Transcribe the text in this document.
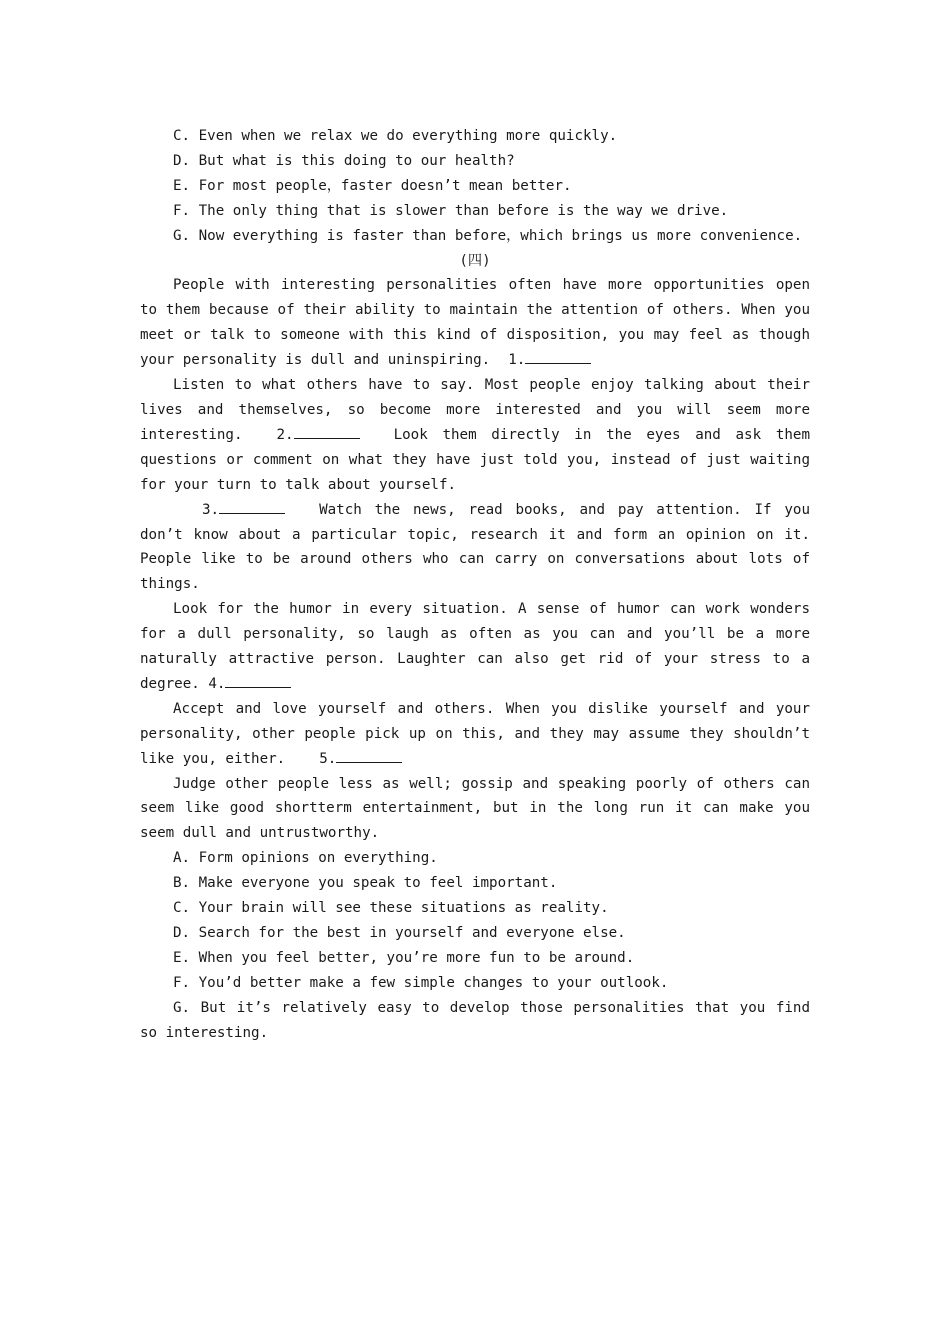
C. Even when we relax we do everything more quickly.
D. But what is this doing to our health?
E. For most people，faster doesn’t mean better.
F. The only thing that is slower than before is the way we drive.
G. Now everything is faster than before，which brings us more convenience.
(四)
People with interesting personalities often have more opportunities open to them because of their ability to maintain the attention of others. When you meet or talk to someone with this kind of disposition, you may feel as though your personality is dull and uninspiring. 1.
Listen to what others have to say. Most people enjoy talking about their lives and themselves, so become more interested and you will seem more interesting. 2.	Look them directly in the eyes and ask them questions or comment on what they have just told you, instead of just waiting for your turn to talk about yourself.
3.	Watch the news, read books, and pay attention. If you don’t know about a particular topic, research it and form an opinion on it. People like to be around others who can carry on conversations about lots of things.
Look for the humor in every situation. A sense of humor can work wonders for a dull personality, so laugh as often as you can and you’ll be a more naturally attractive person. Laughter can also get rid of your stress to a degree. 4.
Accept and love yourself and others. When you dislike yourself and your personality, other people pick up on this, and they may assume they shouldn’t like you, either. 5.
Judge other people less as well; gossip and speaking poorly of others can seem like good shortterm entertainment, but in the long run it can make you seem dull and untrustworthy.
A. Form opinions on everything.
B. Make everyone you speak to feel important.
C. Your brain will see these situations as reality.
D. Search for the best in yourself and everyone else.
E. When you feel better, you’re more fun to be around.
F. You’d better make a few simple changes to your outlook.
G. But it’s relatively easy to develop those personalities that you find so interesting.
